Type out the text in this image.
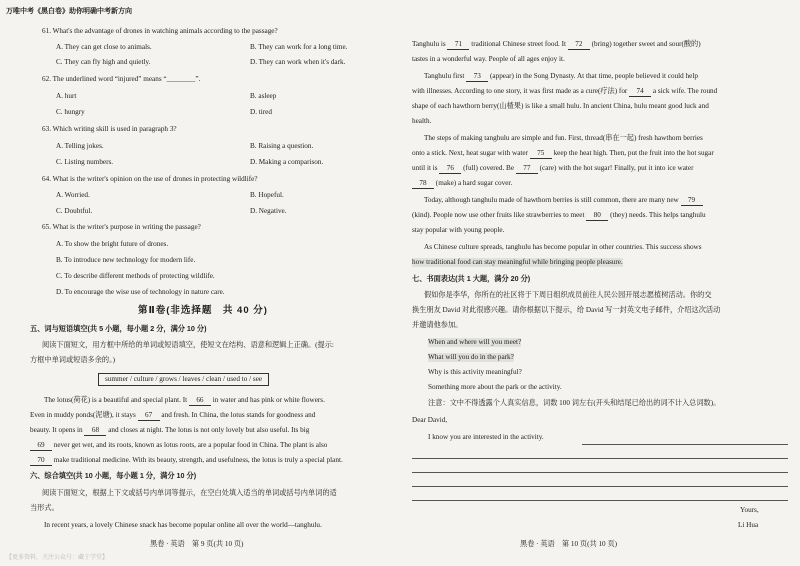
万唯中考《黑白卷》助你明确中考新方向
61. What's the advantage of drones in watching animals according to the passage?
A. They can get close to animals.	B. They can work for a long time.
C. They can fly high and quietly.	D. They can work when it's dark.
62. The underlined word “injured” means “________”.
A. hurt	B. asleep
C. hungry	D. tired
63. Which writing skill is used in paragraph 3?
A. Telling jokes.	B. Raising a question.
C. Listing numbers.	D. Making a comparison.
64. What is the writer's opinion on the use of drones in protecting wildlife?
A. Worried.	B. Hopeful.
C. Doubtful.	D. Negative.
65. What is the writer's purpose in writing the passage?
A. To show the bright future of drones.
B. To introduce new technology for modern life.
C. To describe different methods of protecting wildlife.
D. To encourage the wise use of technology in nature care.
第Ⅱ卷(非选择题　共 40 分)
五、词与短语填空(共 5 小题，每小题 2 分，满分 10 分)
阅读下面短文，用方框中所给的单词或短语填空，使短文在结构、语意和逻辑上正确。(提示:
方框中单词或短语多余的。)
summer / culture / grows / leaves / clean / used to / see
The lotus(荷花) is a beautiful and special plant. It 66 in water and has pink or white flowers.
Even in muddy ponds(泥塘), it stays 67 and fresh. In China, the lotus stands for goodness and
beauty. It opens in 68 and closes at night. The lotus is not only lovely but also useful. Its big
69 never get wet, and its roots, known as lotus roots, are a popular food in China. The plant is also
70 make traditional medicine. With its beauty, strength, and usefulness, the lotus is truly a special plant.
六、综合填空(共 10 小题，每小题 1 分，满分 10 分)
阅读下面短文，根据上下文或括号内单词等提示，在空白处填入适当的单词或括号内单词的适
当形式。
In recent years, a lovely Chinese snack has become popular online all over the world—tanghulu.
黑卷 · 英语　第 9 页(共 10 页)
Tanghulu is 71 traditional Chinese street food. It 72 (bring) together sweet and sour(酸的)
tastes in a wonderful way. People of all ages enjoy it.
Tanghulu first 73 (appear) in the Song Dynasty. At that time, people believed it could help
with illnesses. According to one story, it was first made as a cure(疗法) for 74 a sick wife. The round
shape of each hawthorn berry(山楂果) is like a small hulu. In ancient China, hulu meant good luck and
health.
The steps of making tanghulu are simple and fun. First, thread(串在一起) fresh hawthorn berries
onto a stick. Next, heat sugar with water 75 keep the heat high. Then, put the fruit into the hot sugar
until it is 76 (full) covered. Be 77 (care) with the hot sugar! Finally, put it into ice water
78 (make) a hard sugar cover.
Today, although tanghulu made of hawthorn berries is still common, there are many new 79
(kind). People now use other fruits like strawberries to meet 80 (they) needs. This helps tanghulu
stay popular with young people.
As Chinese culture spreads, tanghulu has become popular in other countries. This success shows
how traditional food can stay meaningful while bringing people pleasure.
七、书面表达(共 1 大题，满分 20 分)
假如你是李华，你所在的社区将于下周日组织成员前往人民公园开展志愿植树活动。你的交
换生朋友 David 对此很感兴趣。请你根据以下提示，给 David 写一封英文电子邮件，介绍这次活动
并邀请他参加。
When and where will you meet?
What will you do in the park?
Why is this activity meaningful?
Something more about the park or the activity.
注意：文中不得透露个人真实信息，词数 100 词左右(开头和结尾已给出的词不计入总词数)。
Dear David,
I know you are interested in the activity.
Yours,
Li Hua
黑卷 · 英语　第 10 页(共 10 页)
【更多资料，关注公众号：藏于学堂】
